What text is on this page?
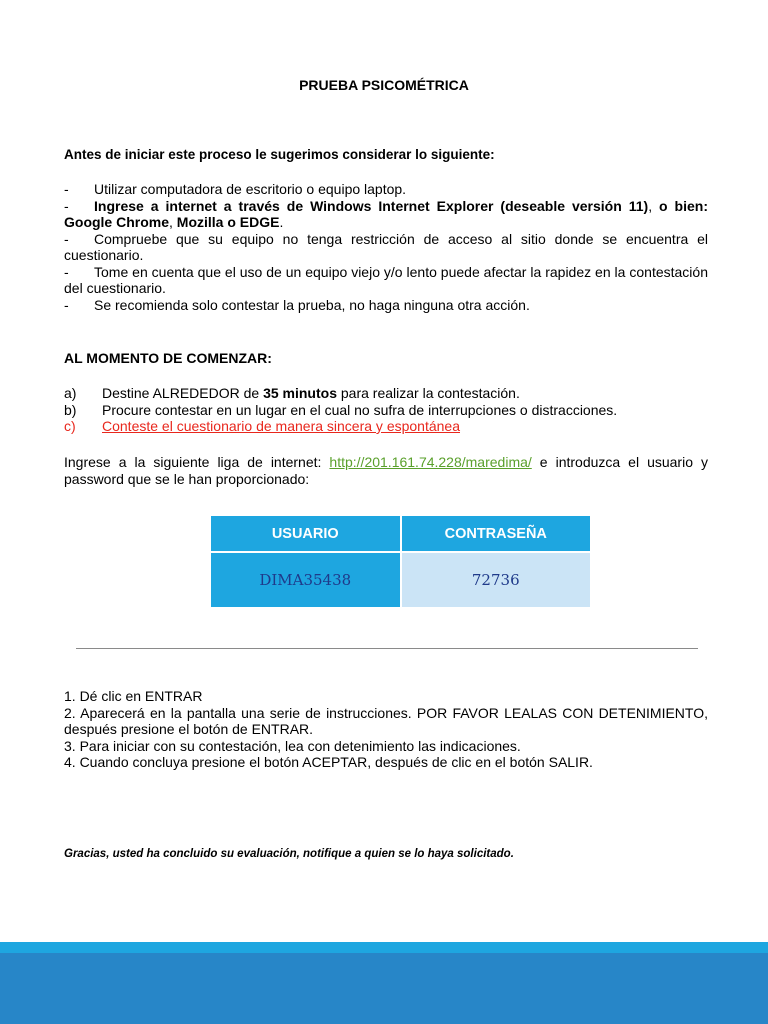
PRUEBA PSICOMÉTRICA
Antes de iniciar este proceso le sugerimos considerar lo siguiente:
- Utilizar computadora de escritorio o equipo laptop.
- Ingrese a internet a través de Windows Internet Explorer (deseable versión 11), o bien: Google Chrome, Mozilla o EDGE.
- Compruebe que su equipo no tenga restricción de acceso al sitio donde se encuentra el cuestionario.
- Tome en cuenta que el uso de un equipo viejo y/o lento puede afectar la rapidez en la contestación del cuestionario.
- Se recomienda solo contestar la prueba, no haga ninguna otra acción.
AL MOMENTO DE COMENZAR:
a)	Destine ALREDEDOR de 35 minutos para realizar la contestación.
b)	Procure contestar en un lugar en el cual no sufra de interrupciones o distracciones.
c)	Conteste el cuestionario de manera sincera y espontánea
Ingrese a la siguiente liga de internet: http://201.161.74.228/maredima/ e introduzca el usuario y password que se le han proporcionado:
USUARIO	CONTRASEÑA
DIMA35438	72736
1. Dé clic en ENTRAR
2. Aparecerá en la pantalla una serie de instrucciones. POR FAVOR LEALAS CON DETENIMIENTO, después presione el botón de ENTRAR.
3. Para iniciar con su contestación, lea con detenimiento las indicaciones.
4. Cuando concluya presione el botón ACEPTAR, después de clic en el botón SALIR.
Gracias, usted ha concluido su evaluación, notifique a quien se lo haya solicitado.
